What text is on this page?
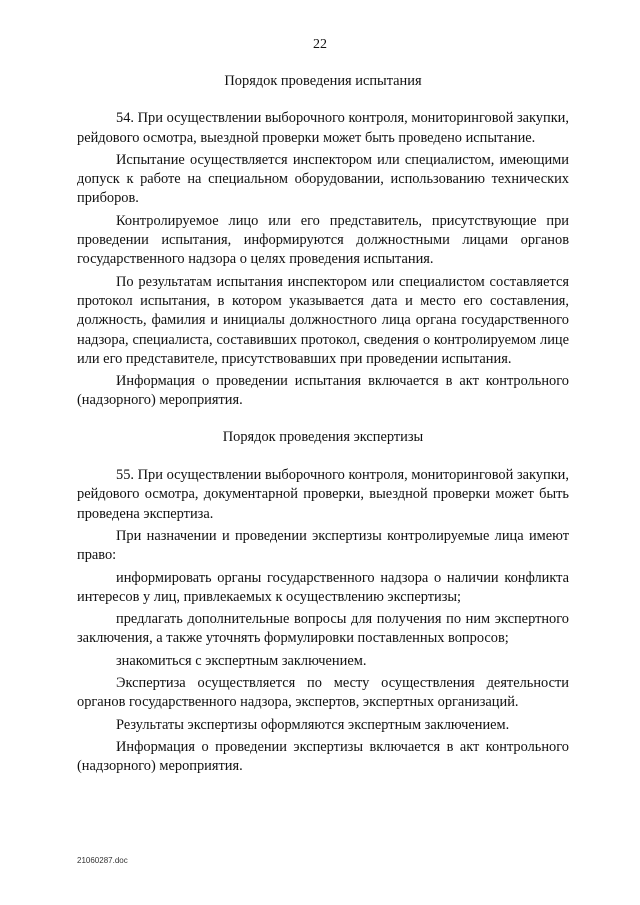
22
Порядок проведения испытания

54. При осуществлении выборочного контроля, мониторинговой закупки, рейдового осмотра, выездной проверки может быть проведено испытание.

Испытание осуществляется инспектором или специалистом, имеющими допуск к работе на специальном оборудовании, использованию технических приборов.

Контролируемое лицо или его представитель, присутствующие при проведении испытания, информируются должностными лицами органов государственного надзора о целях проведения испытания.

По результатам испытания инспектором или специалистом составляется протокол испытания, в котором указывается дата и место его составления, должность, фамилия и инициалы должностного лица органа государственного надзора, специалиста, составивших протокол, сведения о контролируемом лице или его представителе, присутствовавших при проведении испытания.

Информация о проведении испытания включается в акт контрольного (надзорного) мероприятия.

Порядок проведения экспертизы

55. При осуществлении выборочного контроля, мониторинговой закупки, рейдового осмотра, документарной проверки, выездной проверки может быть проведена экспертиза.

При назначении и проведении экспертизы контролируемые лица имеют право:

информировать органы государственного надзора о наличии конфликта интересов у лиц, привлекаемых к осуществлению экспертизы;

предлагать дополнительные вопросы для получения по ним экспертного заключения, а также уточнять формулировки поставленных вопросов;

знакомиться с экспертным заключением.

Экспертиза осуществляется по месту осуществления деятельности органов государственного надзора, экспертов, экспертных организаций.

Результаты экспертизы оформляются экспертным заключением.

Информация о проведении экспертизы включается в акт контрольного (надзорного) мероприятия.

21060287.doc
